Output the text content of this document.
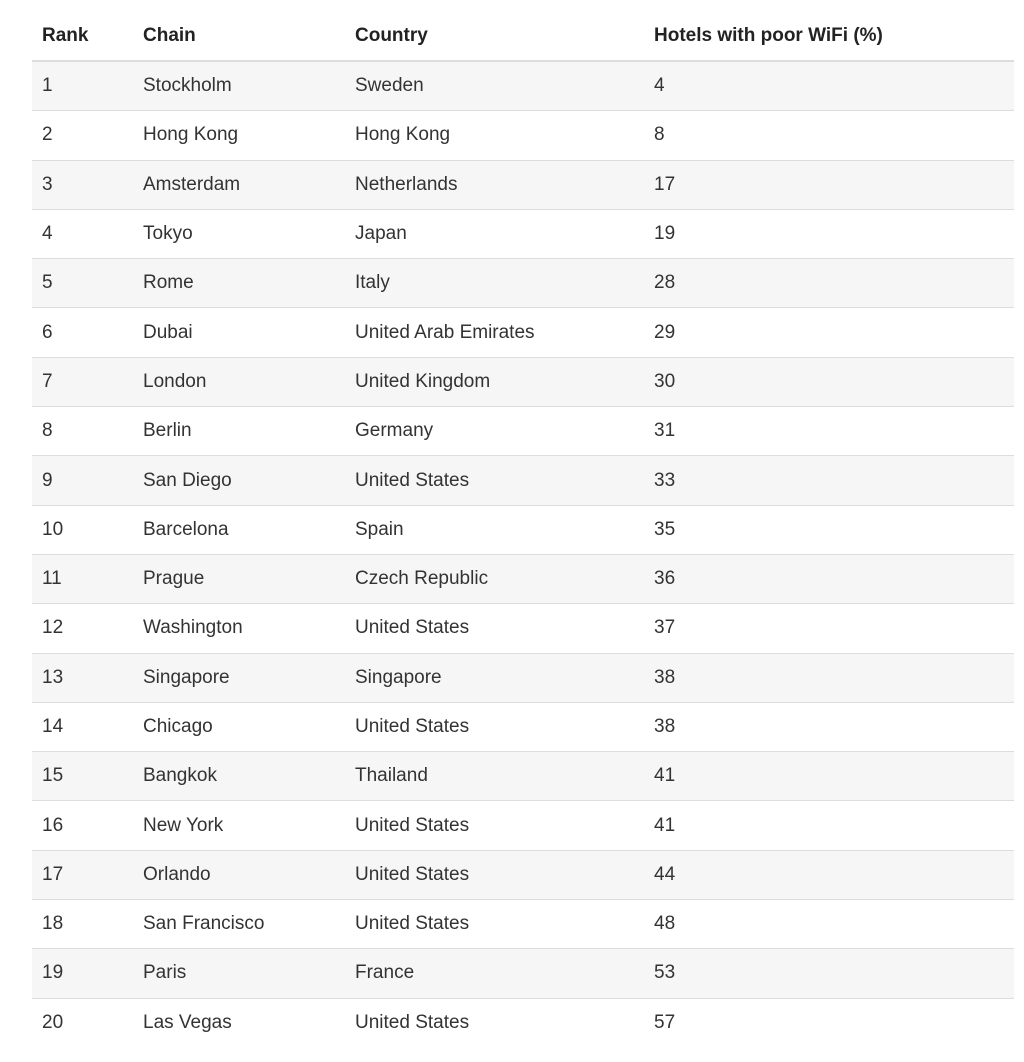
Rank	Chain	Country	Hotels with poor WiFi (%)
1	Stockholm	Sweden	4
2	Hong Kong	Hong Kong	8
3	Amsterdam	Netherlands	17
4	Tokyo	Japan	19
5	Rome	Italy	28
6	Dubai	United Arab Emirates	29
7	London	United Kingdom	30
8	Berlin	Germany	31
9	San Diego	United States	33
10	Barcelona	Spain	35
11	Prague	Czech Republic	36
12	Washington	United States	37
13	Singapore	Singapore	38
14	Chicago	United States	38
15	Bangkok	Thailand	41
16	New York	United States	41
17	Orlando	United States	44
18	San Francisco	United States	48
19	Paris	France	53
20	Las Vegas	United States	57
